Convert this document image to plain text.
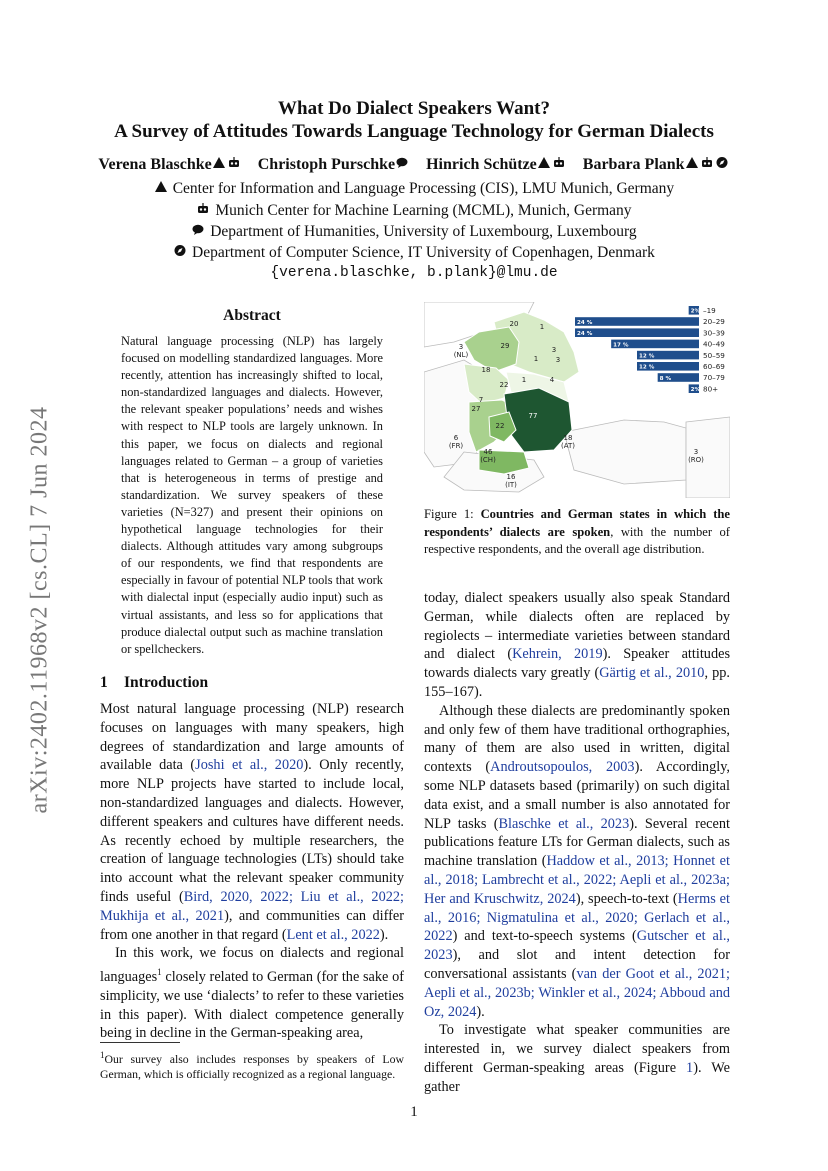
arXiv:2402.11968v2 [cs.CL] 7 Jun 2024
What Do Dialect Speakers Want?
A Survey of Attitudes Towards Language Technology for German Dialects
Verena Blaschke	Christoph Purschke Hinrich Schütze	Barbara Plank
Center for Information and Language Processing (CIS), LMU Munich, Germany
Munich Center for Machine Learning (MCML), Munich, Germany
Department of Humanities, University of Luxembourg, Luxembourg
Department of Computer Science, IT University of Copenhagen, Denmark
{verena.blaschke, b.plank}@lmu.de
Abstract

Natural language processing (NLP) has largely focused on modelling standardized languages. More recently, attention has increasingly shifted to local, non-standardized languages and dialects. However, the relevant speaker populations’ needs and wishes with respect to NLP tools are largely unknown. In this paper, we focus on dialects and regional languages related to German – a group of varieties that is heterogeneous in terms of prestige and standardization. We survey speakers of these varieties (N=327) and present their opinions on hypothetical language technologies for their dialects. Although attitudes vary among subgroups of our respondents, we find that respondents are especially in favour of potential NLP tools that work with dialectal input (especially audio input) such as virtual assistants, and less so for applications that produce dialectal output such as machine translation or spellcheckers.

1 Introduction

Most natural language processing (NLP) research focuses on languages with many speakers, high degrees of standardization and large amounts of available data (Joshi et al., 2020). Only recently, more NLP projects have started to include local, non-standardized languages and dialects. However, different speakers and cultures have different needs. As recently echoed by multiple researchers, the creation of language technologies (LTs) should take into account what the relevant speaker community finds useful (Bird, 2020, 2022; Liu et al., 2022; Mukhija et al., 2021), and communities can differ from one another in that regard (Lent et al., 2022).

In this work, we focus on dialects and regional languages$^1$ closely related to German (for the sake of simplicity, we use ‘dialects’ to refer to these varieties in this paper). With dialect competence generally being in decline in the German-speaking area,

$^1$Our survey also includes responses by speakers of Low German, which is officially recognized as a regional language.
20	1
3
(NL)
29	3
1	3
18
4
22
1
7
27
77
22
6
(FR)
18
(AT)
46
(CH)
3
(RO)
16
(IT)
2% –19
24 %	20–29
24 %	30–39
17 %	40–49
12 %	50–59
12 %	60–69
8 %	70–79
2% 80+
Figure 1: Countries and German states in which the respondents’ dialects are spoken, with the number of respective respondents, and the overall age distribution.

today, dialect speakers usually also speak Standard German, while dialects often are replaced by regiolects – intermediate varieties between standard and dialect (Kehrein, 2019). Speaker attitudes towards dialects vary greatly (Gärtig et al., 2010, pp. 155–167).

Although these dialects are predominantly spoken and only few of them have traditional orthographies, many of them are also used in written, digital contexts (Androutsopoulos, 2003). Accordingly, some NLP datasets based (primarily) on such digital data exist, and a small number is also annotated for NLP tasks (Blaschke et al., 2023). Several recent publications feature LTs for German dialects, such as machine translation (Haddow et al., 2013; Honnet et al., 2018; Lambrecht et al., 2022; Aepli et al., 2023a; Her and Kruschwitz, 2024), speech-to-text (Herms et al., 2016; Nigmatulina et al., 2020; Gerlach et al., 2022) and text-to-speech systems (Gutscher et al., 2023), and slot and intent detection for conversational assistants (van der Goot et al., 2021; Aepli et al., 2023b; Winkler et al., 2024; Abboud and Oz, 2024).

To investigate what speaker communities are interested in, we survey dialect speakers from different German-speaking areas (Figure 1). We gather

1
